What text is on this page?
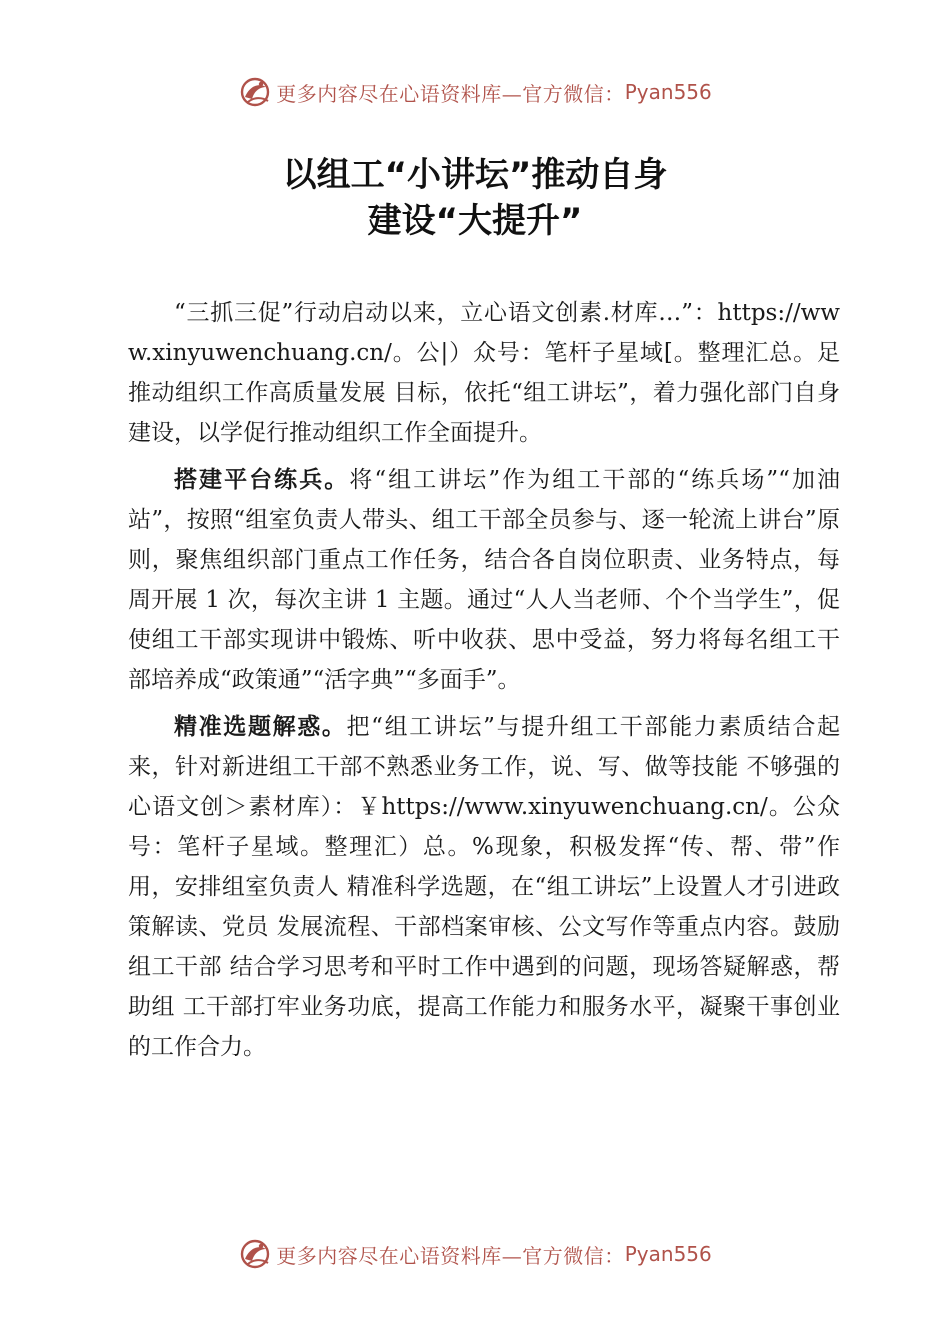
更多内容尽在心语资料库—官方微信： Pyan556
以组工“小讲坛”推动自身
建设“大提升”

“三抓三促”行动启动以来，立心语文创素.材库…”：https://www.xinyuwenchuang.cn/。公|）众号：笔杆子星域[。整理汇总。足推动组织工作高质量发展 目标，依托“组工讲坛”，着力强化部门自身建设，以学促行推动组织工作全面提升。

搭建平台练兵。将“组工讲坛”作为组工干部的“练兵场”“加油站”，按照“组室负责人带头、组工干部全员参与、逐一轮流上讲台”原则，聚焦组织部门重点工作任务，结合各自岗位职责、业务特点，每周开展 1 次，每次主讲 1 主题。通过“人人当老师、个个当学生”，促使组工干部实现讲中锻炼、听中收获、思中受益，努力将每名组工干部培养成“政策通”“活字典”“多面手”。

精准选题解惑。把“组工讲坛”与提升组工干部能力素质结合起来，针对新进组工干部不熟悉业务工作，说、写、做等技能 不够强的心语文创＞素材库）：￥https://www.xinyuwenchuang.cn/。公众号：笔杆子星域。整理汇）总。%现象，积极发挥“传、帮、带”作用，安排组室负责人 精准科学选题，在“组工讲坛”上设置人才引进政策解读、党员 发展流程、干部档案审核、公文写作等重点内容。鼓励组工干部 结合学习思考和平时工作中遇到的问题，现场答疑解惑，帮助组 工干部打牢业务功底，提高工作能力和服务水平，凝聚干事创业 的工作合力。

更多内容尽在心语资料库—官方微信： Pyan556
